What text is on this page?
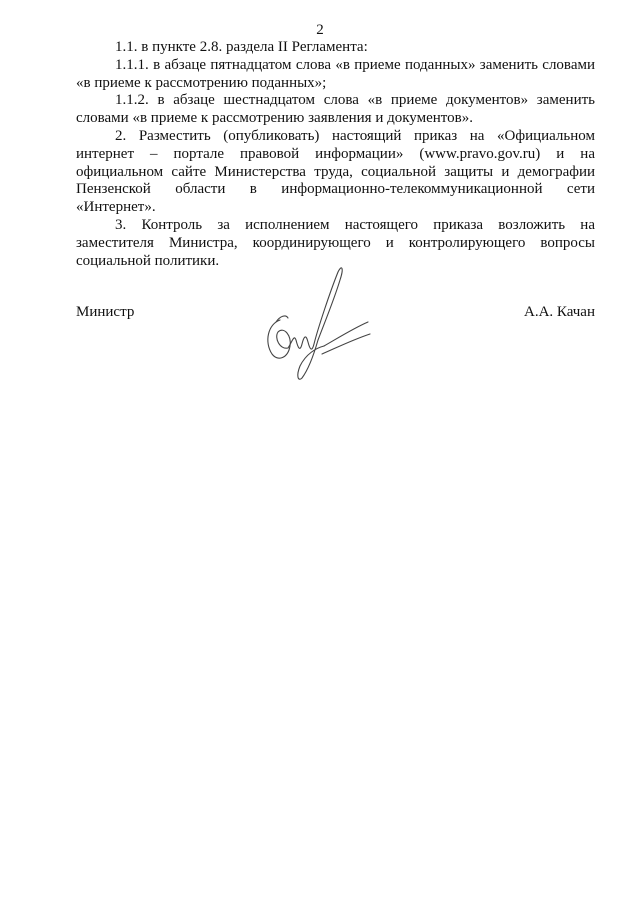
2

1.1. в пункте 2.8. раздела II Регламента:

1.1.1. в абзаце пятнадцатом слова «в приеме поданных» заменить словами «в приеме к рассмотрению поданных»;

1.1.2. в абзаце шестнадцатом слова «в приеме документов» заменить словами «в приеме к рассмотрению заявления и документов».

2. Разместить (опубликовать) настоящий приказ на «Официальном интернет – портале правовой информации» (www.pravo.gov.ru) и на официальном сайте Министерства труда, социальной защиты и демографии Пензенской области в информационно-телекоммуникационной сети «Интернет».

3. Контроль за исполнением настоящего приказа возложить на заместителя Министра, координирующего и контролирующего вопросы социальной политики.

Министр	А.А. Качан
